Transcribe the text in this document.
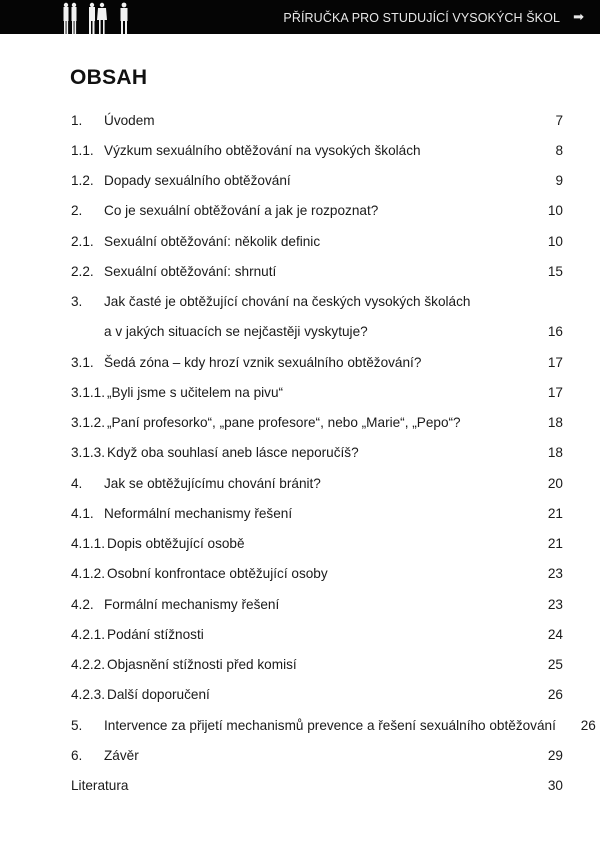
PŘÍRUČKA PRO STUDUJÍCÍ VYSOKÝCH ŠKOL ➡
OBSAH
1.	Úvodem	7
1.1. Výzkum sexuálního obtěžování na vysokých školách	8
1.2. Dopady sexuálního obtěžování	9
2.	Co je sexuální obtěžování a jak je rozpoznat?	10
2.1. Sexuální obtěžování: několik definic	10
2.2. Sexuální obtěžování: shrnutí	15
3.	Jak časté je obtěžující chování na českých vysokých školách
a v jakých situacích se nejčastěji vyskytuje?	16
3.1. Šedá zóna – kdy hrozí vznik sexuálního obtěžování?	17
3.1.1. „Byli jsme s učitelem na pivu“	17
3.1.2. „Paní profesorko“, „pane profesore“, nebo „Marie“, „Pepo“?	18
3.1.3. Když oba souhlasí aneb lásce neporučíš?	18
4.	Jak se obtěžujícímu chování bránit?	20
4.1. Neformální mechanismy řešení	21
4.1.1. Dopis obtěžující osobě	21
4.1.2. Osobní konfrontace obtěžující osoby	23
4.2. Formální mechanismy řešení	23
4.2.1. Podání stížnosti	24
4.2.2. Objasnění stížnosti před komisí	25
4.2.3. Další doporučení	26
5.	Intervence za přijetí mechanismů prevence a řešení sexuálního obtěžování	26
6.	Závěr	29
Literatura	30
